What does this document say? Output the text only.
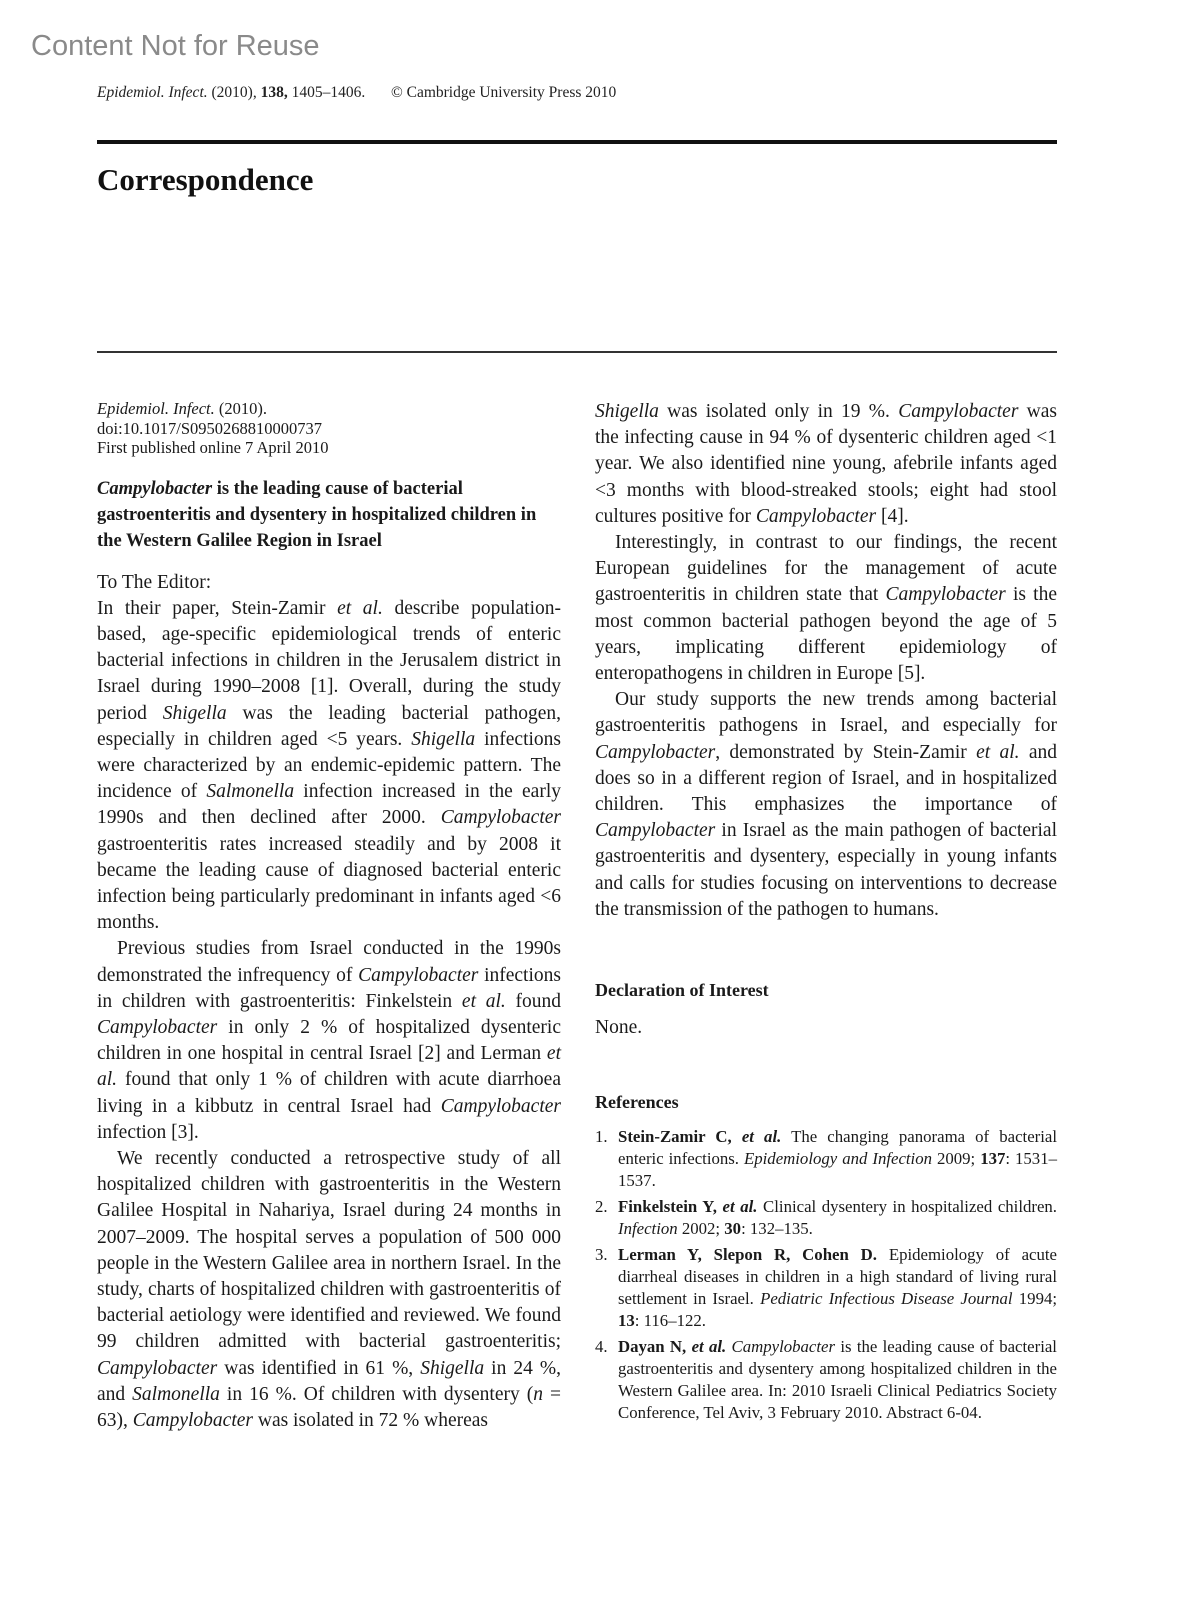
Content Not for Reuse
Epidemiol. Infect. (2010), 138, 1405–1406. © Cambridge University Press 2010
Correspondence
Epidemiol. Infect. (2010).
doi:10.1017/S0950268810000737
First published online 7 April 2010
Campylobacter is the leading cause of bacterial gastroenteritis and dysentery in hospitalized children in the Western Galilee Region in Israel

To The Editor:

In their paper, Stein-Zamir et al. describe population-based, age-specific epidemiological trends of enteric bacterial infections in children in the Jerusalem district in Israel during 1990–2008 [1]. Overall, during the study period Shigella was the leading bacterial pathogen, especially in children aged <5 years. Shigella infections were characterized by an endemic-epidemic pattern. The incidence of Salmonella infection increased in the early 1990s and then declined after 2000. Campylobacter gastroenteritis rates increased steadily and by 2008 it became the leading cause of diagnosed bacterial enteric infection being particularly predominant in infants aged <6 months.

Previous studies from Israel conducted in the 1990s demonstrated the infrequency of Campylobacter infections in children with gastroenteritis: Finkelstein et al. found Campylobacter in only 2 % of hospitalized dysenteric children in one hospital in central Israel [2] and Lerman et al. found that only 1 % of children with acute diarrhoea living in a kibbutz in central Israel had Campylobacter infection [3].

We recently conducted a retrospective study of all hospitalized children with gastroenteritis in the Western Galilee Hospital in Nahariya, Israel during 24 months in 2007–2009. The hospital serves a population of 500 000 people in the Western Galilee area in northern Israel. In the study, charts of hospitalized children with gastroenteritis of bacterial aetiology were identified and reviewed. We found 99 children admitted with bacterial gastroenteritis; Campylobacter was identified in 61 %, Shigella in 24 %, and Salmonella in 16 %. Of children with dysentery (n = 63), Campylobacter was isolated in 72 % whereas

Shigella was isolated only in 19 %. Campylobacter was the infecting cause in 94 % of dysenteric children aged <1 year. We also identified nine young, afebrile infants aged <3 months with blood-streaked stools; eight had stool cultures positive for Campylobacter [4].

Interestingly, in contrast to our findings, the recent European guidelines for the management of acute gastroenteritis in children state that Campylobacter is the most common bacterial pathogen beyond the age of 5 years, implicating different epidemiology of enteropathogens in children in Europe [5].

Our study supports the new trends among bacterial gastroenteritis pathogens in Israel, and especially for Campylobacter, demonstrated by Stein-Zamir et al. and does so in a different region of Israel, and in hospitalized children. This emphasizes the importance of Campylobacter in Israel as the main pathogen of bacterial gastroenteritis and dysentery, especially in young infants and calls for studies focusing on interventions to decrease the transmission of the pathogen to humans.

Declaration of Interest

None.

References
1. Stein-Zamir C, et al. The changing panorama of bacterial enteric infections. Epidemiology and Infection 2009; 137: 1531–1537.
2. Finkelstein Y, et al. Clinical dysentery in hospitalized children. Infection 2002; 30: 132–135.
3. Lerman Y, Slepon R, Cohen D. Epidemiology of acute diarrheal diseases in children in a high standard of living rural settlement in Israel. Pediatric Infectious Disease Journal 1994; 13: 116–122.
4. Dayan N, et al. Campylobacter is the leading cause of bacterial gastroenteritis and dysentery among hospitalized children in the Western Galilee area. In: 2010 Israeli Clinical Pediatrics Society Conference, Tel Aviv, 3 February 2010. Abstract 6-04.
